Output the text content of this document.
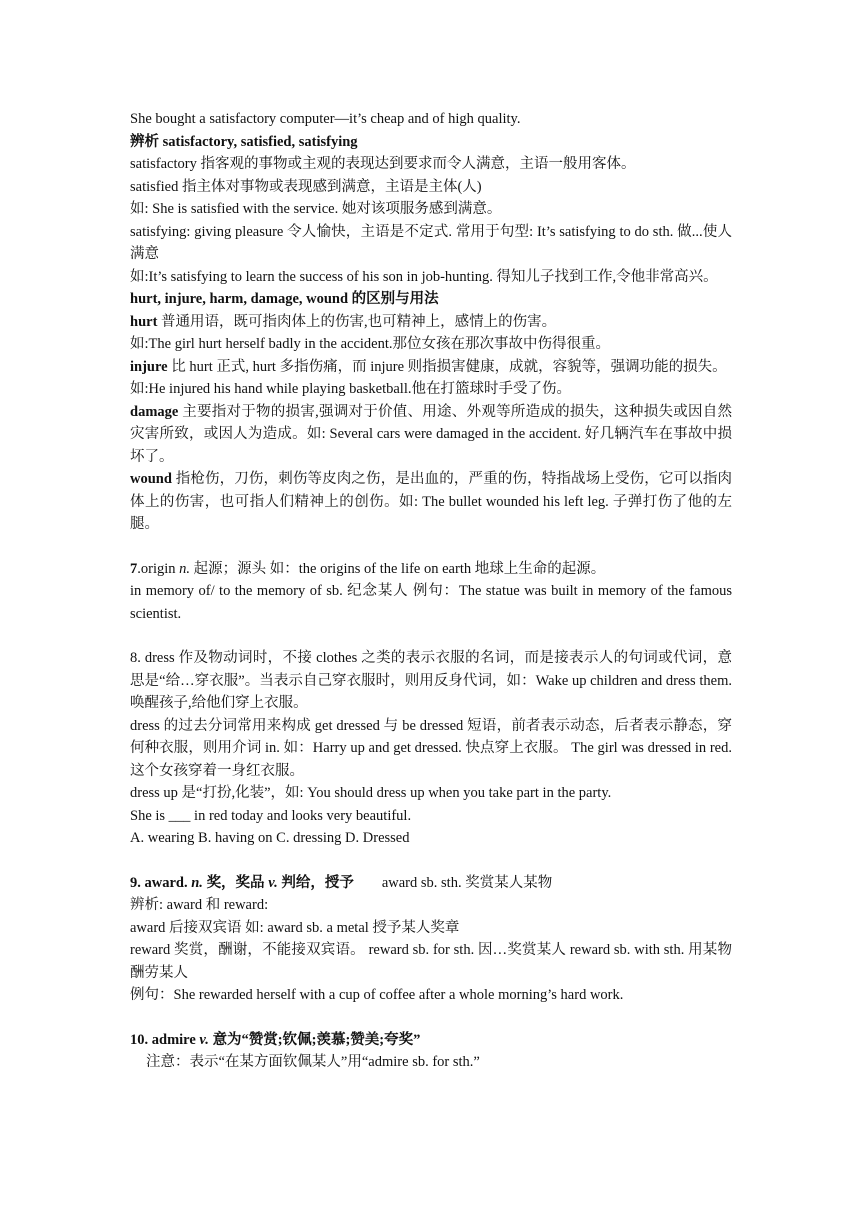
She bought a satisfactory computer—it’s cheap and of high quality.
辨析 satisfactory, satisfied, satisfying
satisfactory 指客观的事物或主观的表现达到要求而令人满意，主语一般用客体。
satisfied 指主体对事物或表现感到满意，主语是主体(人)
如: She is satisfied with the service. 她对该项服务感到满意。
satisfying: giving pleasure 令人愉快，主语是不定式. 常用于句型: It’s satisfying to do sth. 做...使人满意
如:It’s satisfying to learn the success of his son in job-hunting. 得知儿子找到工作,令他非常高兴。
hurt, injure, harm, damage, wound 的区别与用法
hurt 普通用语，既可指肉体上的伤害,也可精神上，感情上的伤害。
如:The girl hurt herself badly in the accident.那位女孩在那次事故中伤得很重。
injure 比 hurt 正式, hurt 多指伤痛，而 injure 则指损害健康，成就，容貌等，强调功能的损失。
如:He injured his hand while playing basketball.他在打篮球时手受了伤。
damage 主要指对于物的损害,强调对于价值、用途、外观等所造成的损失，这种损失或因自然灾害所致，或因人为造成。如: Several cars were damaged in the accident. 好几辆汽车在事故中损坏了。
wound 指枪伤，刀伤，刺伤等皮肉之伤，是出血的，严重的伤，特指战场上受伤，它可以指肉体上的伤害，也可指人们精神上的创伤。如: The bullet wounded his left leg. 子弹打伤了他的左腿。
7.origin n. 起源；源头 如：the origins of the life on earth 地球上生命的起源。
in memory of/ to the memory of sb. 纪念某人 例句：The statue was built in memory of the famous scientist.
8. dress 作及物动词时，不接 clothes 之类的表示衣服的名词，而是接表示人的句词或代词，意思是“给…穿衣服”。当表示自己穿衣服时，则用反身代词，如：Wake up children and dress them. 唤醒孩子,给他们穿上衣服。
dress 的过去分词常用来构成 get dressed 与 be dressed 短语，前者表示动态，后者表示静态，穿何种衣服，则用介词 in. 如：Harry up and get dressed. 快点穿上衣服。 The girl was dressed in red. 这个女孩穿着一身红衣服。
dress up 是“打扮,化装”，如: You should dress up when you take part in the party.
She is ___ in red today and looks very beautiful.
A. wearing B. having on C. dressing D. Dressed
9. award. n. 奖，奖品 v. 判给，授予 award sb. sth. 奖赏某人某物
辨析: award 和 reward:
award 后接双宾语 如: award sb. a metal 授予某人奖章
reward 奖赏，酬谢，不能接双宾语。 reward sb. for sth. 因…奖赏某人 reward sb. with sth. 用某物酬劳某人
例句：She rewarded herself with a cup of coffee after a whole morning’s hard work.
10. admire v. 意为“赞赏;钦佩;羡慕;赞美;夸奖”
注意：表示“在某方面钦佩某人”用“admire sb. for sth.”
